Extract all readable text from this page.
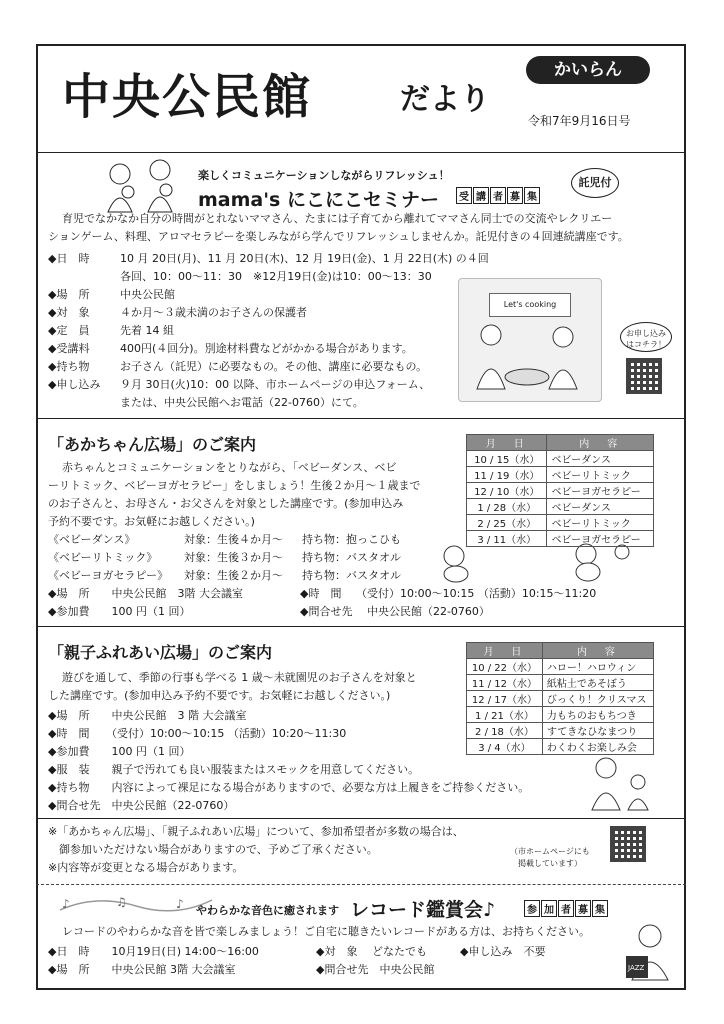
中央公民館	だより
かいらん
令和7年9月16日号
楽しくコミュニケーションしながらリフレッシュ！
mama's にこにこセミナー	受 講 者 募 集
託児付
育児でなかなか自分の時間がとれないママさん、たまには子育てから離れてママさん同士での交流やレクリエー
ションゲーム、料理、アロマセラピーを楽しみながら学んでリフレッシュしませんか。託児付きの４回連続講座です。
◆日　時	10 月 20日(月)、11 月 20日(木)、12 月 19日(金)、1 月 22日(木) の４回
各回、10：00～11：30　※12月19日(金)は10：00～13：30
◆場　所	中央公民館
◆対　象	４か月～３歳未満のお子さんの保護者
◆定　員	先着 14 組
◆受講料	400円(４回分)。別途材料費などがかかる場合があります。
◆持ち物	お子さん（託児）に必要なもの。その他、講座に必要なもの。
◆申し込み ９月 30日(火)10：00 以降、市ホームページの申込フォーム、
または、中央公民館へお電話（22-0760）にて。
Let's cooking
お申し込み
はコチラ！
「あかちゃん広場」のご案内
赤ちゃんとコミュニケーションをとりながら、「ベビーダンス、ベビ
ーリトミック、ベビーヨガセラピー」をしましょう！生後２か月～１歳まで
のお子さんと、お母さん・お父さんを対象とした講座です。(参加申込み
予約不要です。お気軽にお越しください。)
《ベビーダンス》	対象：生後４か月～ 持ち物：抱っこひも
《ベビーリトミック》 対象：生後３か月～ 持ち物：バスタオル
《ベビーヨガセラピー》 対象：生後２か月～ 持ち物：バスタオル
◆場　所　　中央公民館　3階 大会議室	◆時　間　 （受付）10:00～10:15 （活動）10:15～11:20
◆参加費　　100 円（1 回）	◆問合せ先　 中央公民館（22-0760）
月　日	内　容
10 / 15（水）	ベビーダンス
11 / 19（水）	ベビーリトミック
12 / 10（水）	ベビーヨガセラピー
1 / 28（水）	ベビーダンス
2 / 25（水）	ベビーリトミック
3 / 11（水）	ベビーヨガセラピー
「親子ふれあい広場」のご案内
遊びを通して、季節の行事も学べる 1 歳～未就園児のお子さんを対象と
した講座です。(参加申込み予約不要です。お気軽にお越しください。)
◆場　所　　中央公民館　3 階 大会議室
◆時　間　　（受付）10:00～10:15 （活動）10:20～11:30
◆参加費　　100 円（1 回）
◆服　装　　親子で汚れても良い服装またはスモックを用意してください。
◆持ち物　　内容によって裸足になる場合がありますので、必要な方は上履きをご持参ください。
◆問合せ先　中央公民館（22-0760）
月　日	内　容
10 / 22（水）	ハロー！ハロウィン
11 / 12（水）	紙粘土であそぼう
12 / 17（水）	びっくり！クリスマス
1 / 21（水）	力もちのおもちつき
2 / 18（水）	すてきなひなまつり
3 / 4（水）	わくわくお楽しみ会
※「あかちゃん広場」、「親子ふれあい広場」について、参加希望者が多数の場合は、
　御参加いただけない場合がありますので、予めご了承ください。
※内容等が変更となる場合があります。
（市ホームページにも
　掲載しています）
♪	♫	♪ やわらかな音色に癒されます レコード鑑賞会♪	参 加 者 募 集
レコードのやわらかな音を皆で楽しみましょう！ご自宅に聴きたいレコードがある方は、お持ちください。
◆日　時　　10月19日(日) 14:00～16:00	◆対　象　 どなたでも	◆申し込み　不要
◆場　所　　中央公民館 3階 大会議室	◆問合せ先　中央公民館	JAZZ
